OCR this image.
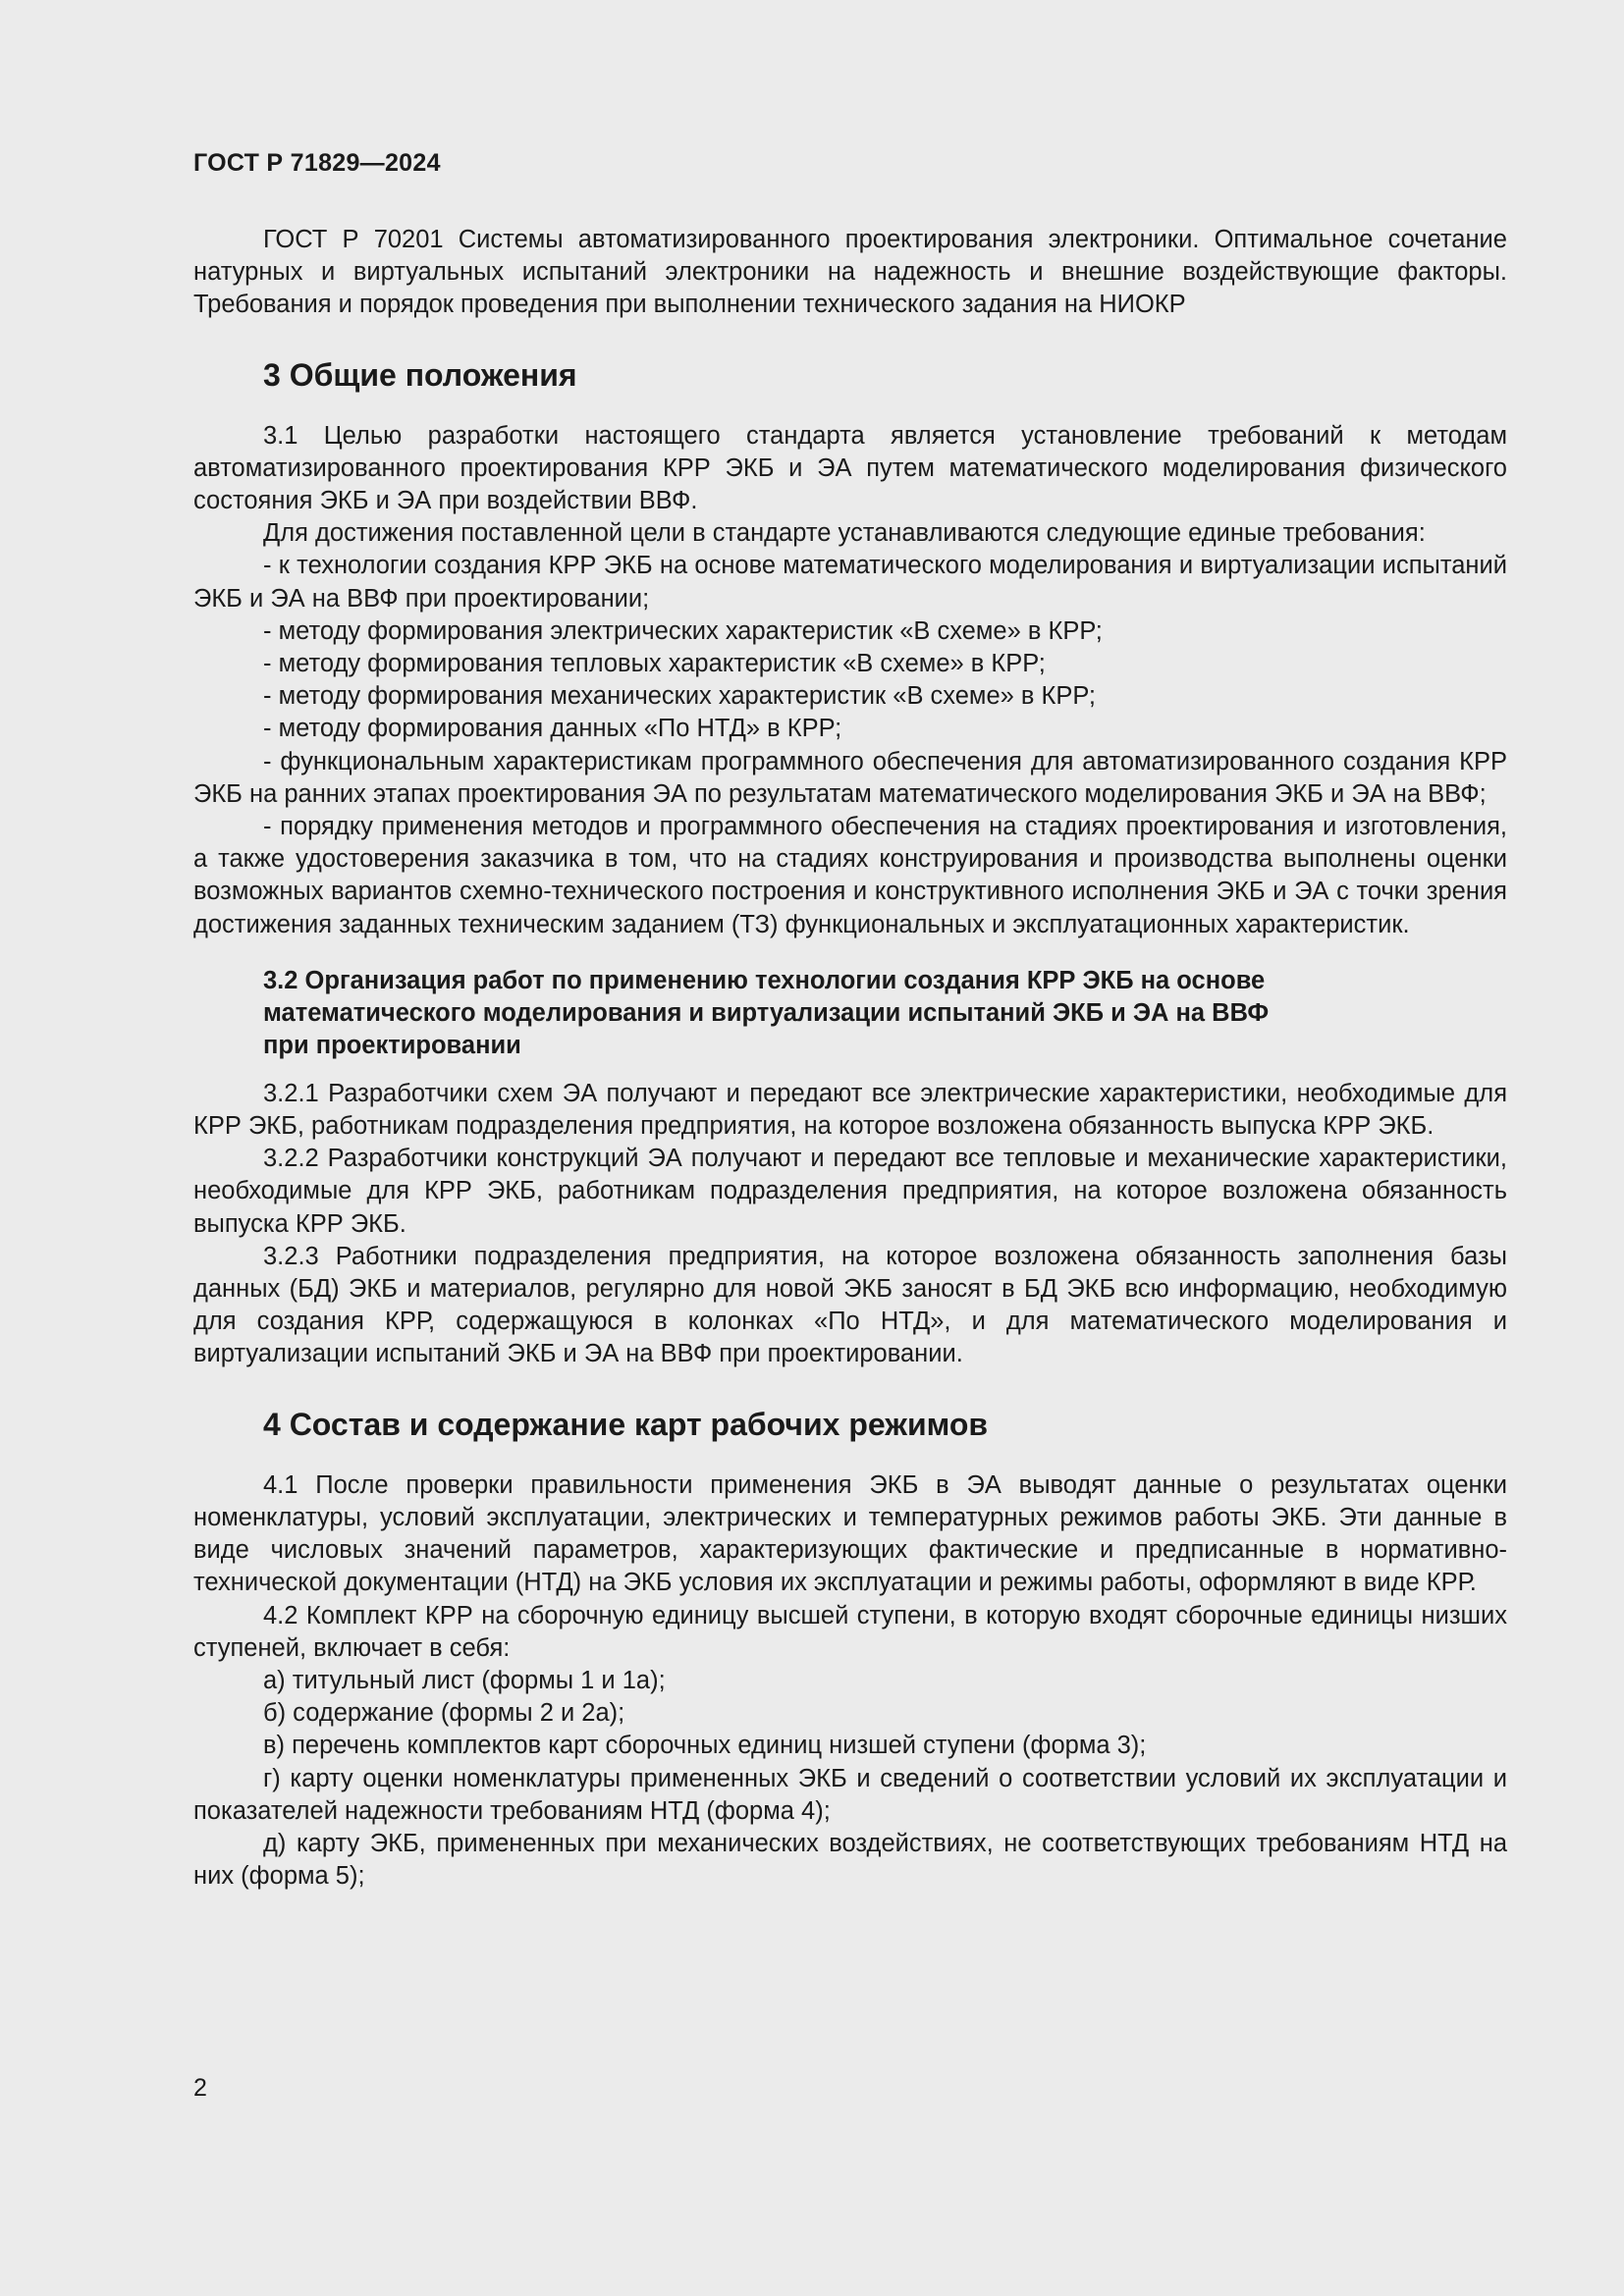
ГОСТ Р 71829—2024

ГОСТ Р 70201 Системы автоматизированного проектирования электроники. Оптимальное сочетание натурных и виртуальных испытаний электроники на надежность и внешние воздействующие факторы. Требования и порядок проведения при выполнении технического задания на НИОКР

3 Общие положения

3.1 Целью разработки настоящего стандарта является установление требований к методам автоматизированного проектирования КРР ЭКБ и ЭА путем математического моделирования физического состояния ЭКБ и ЭА при воздействии ВВФ.

Для достижения поставленной цели в стандарте устанавливаются следующие единые требования:

- к технологии создания КРР ЭКБ на основе математического моделирования и виртуализации испытаний ЭКБ и ЭА на ВВФ при проектировании;

- методу формирования электрических характеристик «В схеме» в КРР;

- методу формирования тепловых характеристик «В схеме» в КРР;

- методу формирования механических характеристик «В схеме» в КРР;

- методу формирования данных «По НТД» в КРР;

- функциональным характеристикам программного обеспечения для автоматизированного создания КРР ЭКБ на ранних этапах проектирования ЭА по результатам математического моделирования ЭКБ и ЭА на ВВФ;

- порядку применения методов и программного обеспечения на стадиях проектирования и изготовления, а также удостоверения заказчика в том, что на стадиях конструирования и производства выполнены оценки возможных вариантов схемно-технического построения и конструктивного исполнения ЭКБ и ЭА с точки зрения достижения заданных техническим заданием (ТЗ) функциональных и эксплуатационных характеристик.

3.2 Организация работ по применению технологии создания КРР ЭКБ на основе
математического моделирования и виртуализации испытаний ЭКБ и ЭА на ВВФ
при проектировании

3.2.1 Разработчики схем ЭА получают и передают все электрические характеристики, необходимые для КРР ЭКБ, работникам подразделения предприятия, на которое возложена обязанность выпуска КРР ЭКБ.

3.2.2 Разработчики конструкций ЭА получают и передают все тепловые и механические характеристики, необходимые для КРР ЭКБ, работникам подразделения предприятия, на которое возложена обязанность выпуска КРР ЭКБ.

3.2.3 Работники подразделения предприятия, на которое возложена обязанность заполнения базы данных (БД) ЭКБ и материалов, регулярно для новой ЭКБ заносят в БД ЭКБ всю информацию, необходимую для создания КРР, содержащуюся в колонках «По НТД», и для математического моделирования и виртуализации испытаний ЭКБ и ЭА на ВВФ при проектировании.

4 Состав и содержание карт рабочих режимов

4.1 После проверки правильности применения ЭКБ в ЭА выводят данные о результатах оценки номенклатуры, условий эксплуатации, электрических и температурных режимов работы ЭКБ. Эти данные в виде числовых значений параметров, характеризующих фактические и предписанные в нормативно-технической документации (НТД) на ЭКБ условия их эксплуатации и режимы работы, оформляют в виде КРР.

4.2 Комплект КРР на сборочную единицу высшей ступени, в которую входят сборочные единицы низших ступеней, включает в себя:

а) титульный лист (формы 1 и 1а);

б) содержание (формы 2 и 2а);

в) перечень комплектов карт сборочных единиц низшей ступени (форма 3);

г) карту оценки номенклатуры примененных ЭКБ и сведений о соответствии условий их эксплуатации и показателей надежности требованиям НТД (форма 4);

д) карту ЭКБ, примененных при механических воздействиях, не соответствующих требованиям НТД на них (форма 5);

2
